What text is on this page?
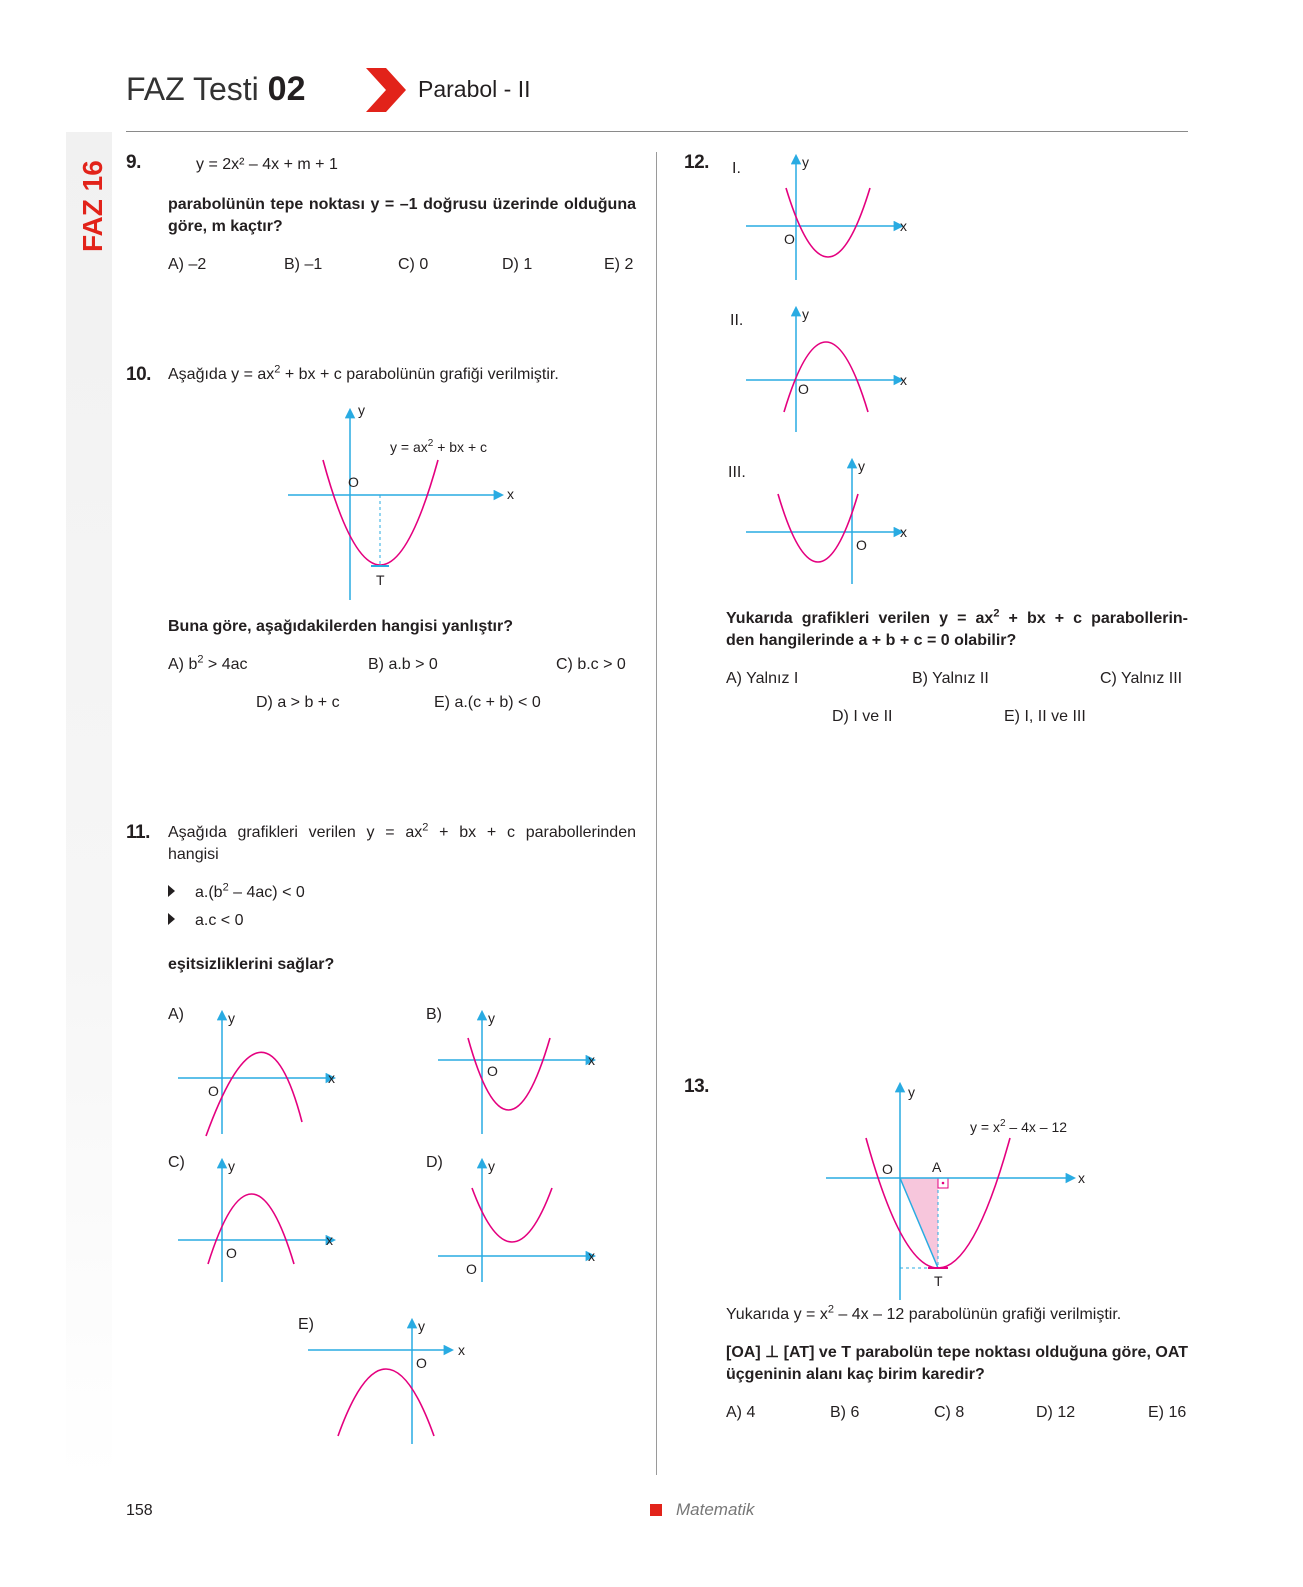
FAZ Testi 02	Parabol - II
FAZ 16 9.	y = 2x² – 4x + m + 1
parabolünün tepe noktası y = –1 doğrusu üzerinde olduğuna göre, m kaçtır?
A) –2	B) –1	C) 0	D) 1	E) 2
10. Aşağıda $y = ax^2$ + bx + c parabolünün grafiği verilmiştir.
y
x
O
T
$y = ax^2$ + bx + c
Buna göre, aşağıdakilerden hangisi yanlıştır?
A) $b^2 > 4ac$	B) a.b > 0	C) b.c > 0
D) a > b + c	E) a.(c + b) < 0
11. Aşağıda grafikleri verilen $y = ax^2$ + bx + c parabollerinden
hangisi
$a.(b^2 - 4ac) < 0$
a.c < 0
eşitsizliklerini sağlar?
A)	y
x
O
B)	y
x
O
C)	y
x
O
D)	y
x
O
E)	y
x
O
12. I.	y
x
O
II.	y
x
O
III.	y
x
O
Yukarıda grafikleri verilen $y = ax^2$ + bx + c parabollerin-
den hangilerinde a + b + c = 0 olabilir?
A) Yalnız I	B) Yalnız II	C) Yalnız III
D) I ve II	E) I, II ve III
13.	y
x
O	A
T
$y = x^2 - 4x - 12$
Yukarıda $y = x^2 - 4x - 12$ parabolünün grafiği verilmiştir.
[OA] ⊥ [AT] ve T parabolün tepe noktası olduğuna göre, OAT üçgeninin alanı kaç birim karedir?
A) 4	B) 6	C) 8	D) 12	E) 16
158	Matematik
